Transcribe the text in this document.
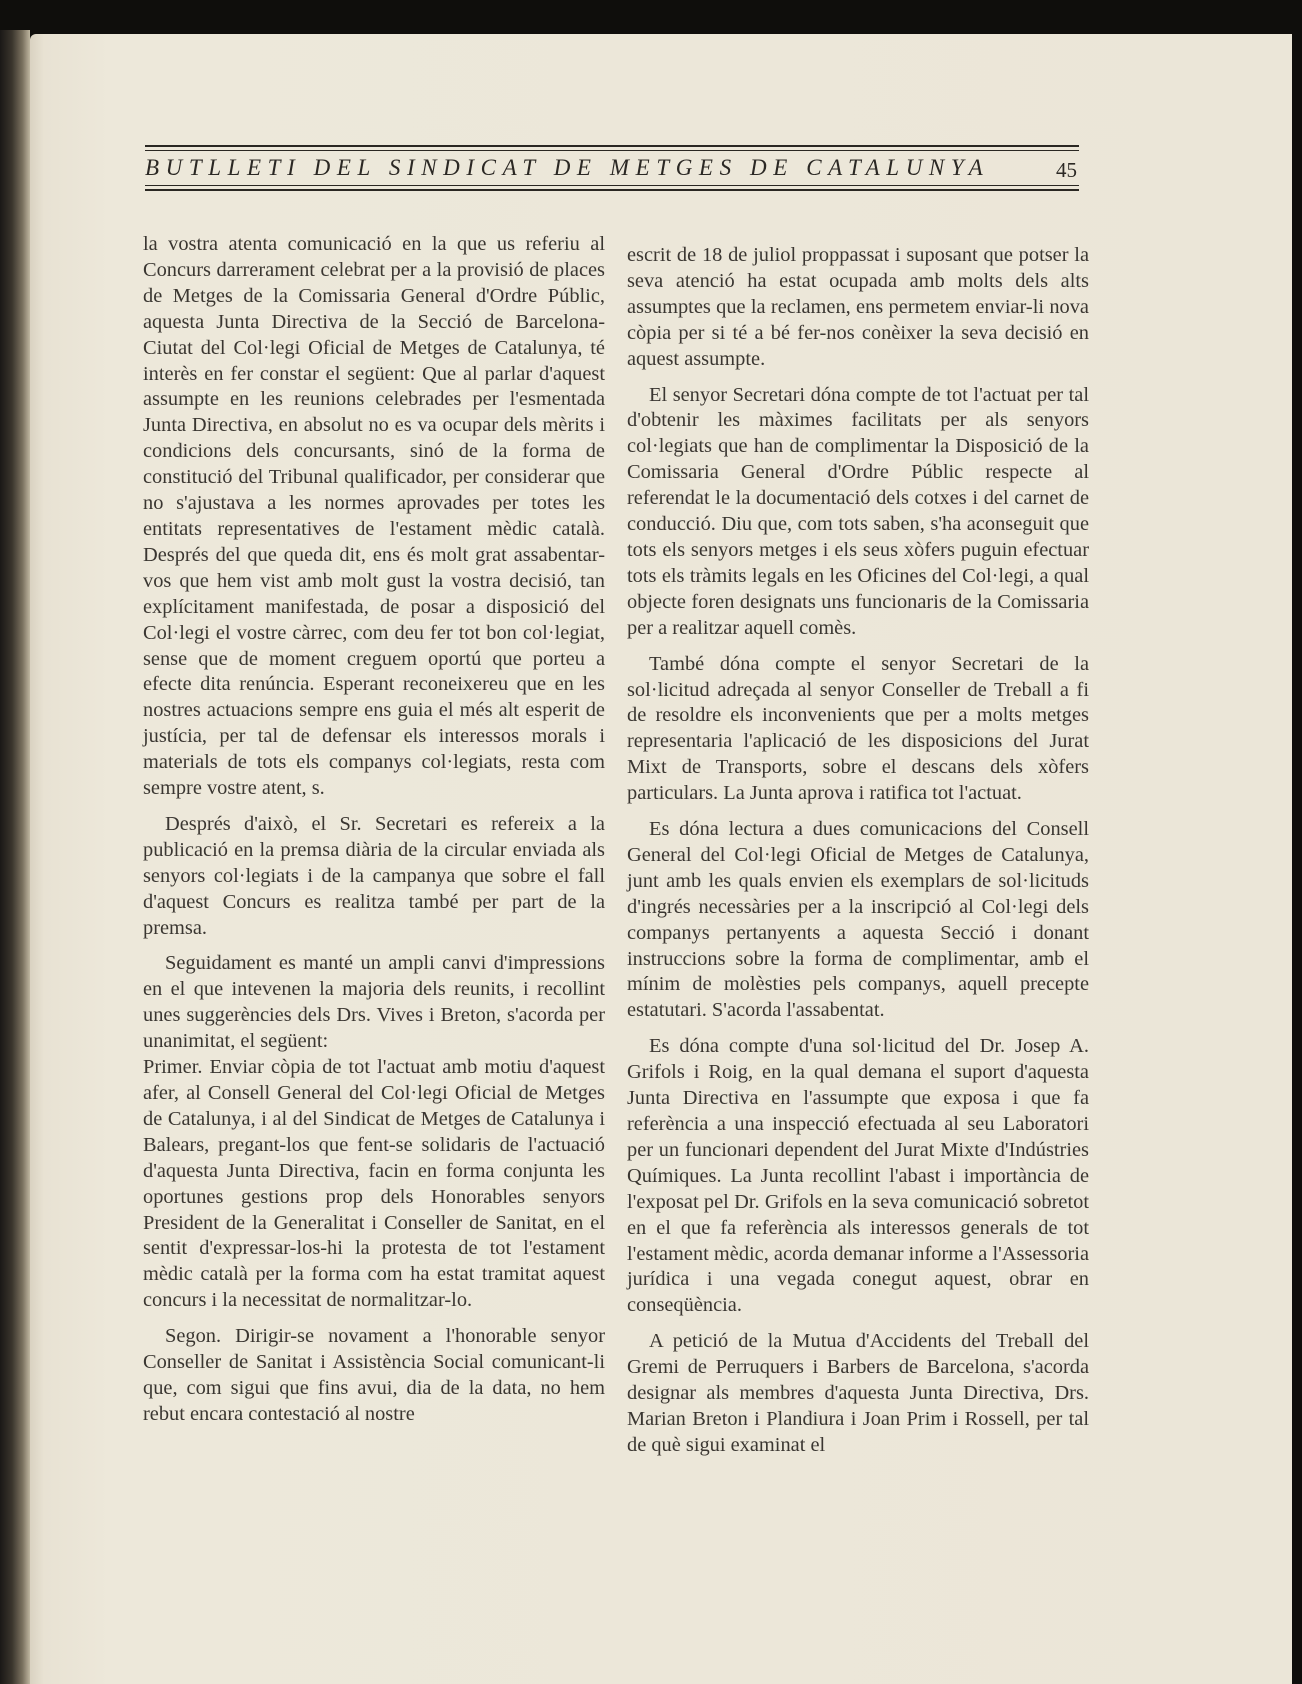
BUTLLETI DEL SINDICAT DE METGES DE CATALUNYA	45

la vostra atenta comunicació en la que us referiu al Concurs darrerament celebrat per a la provisió de places de Metges de la Comissaria General d'Ordre Públic, aquesta Junta Directiva de la Secció de Barcelona-Ciutat del Col·legi Oficial de Metges de Catalunya, té interès en fer constar el següent: Que al parlar d'aquest assumpte en les reunions celebrades per l'esmentada Junta Directiva, en absolut no es va ocupar dels mèrits i condicions dels concursants, sinó de la forma de constitució del Tribunal qualificador, per considerar que no s'ajustava a les normes aprovades per totes les entitats representatives de l'estament mèdic català. Després del que queda dit, ens és molt grat assabentar-vos que hem vist amb molt gust la vostra decisió, tan explícitament manifestada, de posar a disposició del Col·legi el vostre càrrec, com deu fer tot bon col·legiat, sense que de moment creguem oportú que porteu a efecte dita renúncia. Esperant reconeixereu que en les nostres actuacions sempre ens guia el més alt esperit de justícia, per tal de defensar els interessos morals i materials de tots els companys col·legiats, resta com sempre vostre atent, s.

Després d'això, el Sr. Secretari es refereix a la publicació en la premsa diària de la circular enviada als senyors col·legiats i de la campanya que sobre el fall d'aquest Concurs es realitza també per part de la premsa.

Seguidament es manté un ampli canvi d'impressions en el que intevenen la majoria dels reunits, i recollint unes suggerències dels Drs. Vives i Breton, s'acorda per unanimitat, el següent:

Primer. Enviar còpia de tot l'actuat amb motiu d'aquest afer, al Consell General del Col·legi Oficial de Metges de Catalunya, i al del Sindicat de Metges de Catalunya i Balears, pregant-los que fent-se solidaris de l'actuació d'aquesta Junta Directiva, facin en forma conjunta les oportunes gestions prop dels Honorables senyors President de la Generalitat i Conseller de Sanitat, en el sentit d'expressar-los-hi la protesta de tot l'estament mèdic català per la forma com ha estat tramitat aquest concurs i la necessitat de normalitzar-lo.

Segon. Dirigir-se novament a l'honorable senyor Conseller de Sanitat i Assistència Social comunicant-li que, com sigui que fins avui, dia de la data, no hem rebut encara contestació al nostre

escrit de 18 de juliol proppassat i suposant que potser la seva atenció ha estat ocupada amb molts dels alts assumptes que la reclamen, ens permetem enviar-li nova còpia per si té a bé fer-nos conèixer la seva decisió en aquest assumpte.

El senyor Secretari dóna compte de tot l'actuat per tal d'obtenir les màximes facilitats per als senyors col·legiats que han de complimentar la Disposició de la Comissaria General d'Ordre Públic respecte al referendat le la documentació dels cotxes i del carnet de conducció. Diu que, com tots saben, s'ha aconseguit que tots els senyors metges i els seus xòfers puguin efectuar tots els tràmits legals en les Oficines del Col·legi, a qual objecte foren designats uns funcionaris de la Comissaria per a realitzar aquell comès.

També dóna compte el senyor Secretari de la sol·licitud adreçada al senyor Conseller de Treball a fi de resoldre els inconvenients que per a molts metges representaria l'aplicació de les disposicions del Jurat Mixt de Transports, sobre el descans dels xòfers particulars. La Junta aprova i ratifica tot l'actuat.

Es dóna lectura a dues comunicacions del Consell General del Col·legi Oficial de Metges de Catalunya, junt amb les quals envien els exemplars de sol·licituds d'ingrés necessàries per a la inscripció al Col·legi dels companys pertanyents a aquesta Secció i donant instruccions sobre la forma de complimentar, amb el mínim de molèsties pels companys, aquell precepte estatutari. S'acorda l'assabentat.

Es dóna compte d'una sol·licitud del Dr. Josep A. Grifols i Roig, en la qual demana el suport d'aquesta Junta Directiva en l'assumpte que exposa i que fa referència a una inspecció efectuada al seu Laboratori per un funcionari dependent del Jurat Mixte d'Indústries Químiques. La Junta recollint l'abast i importància de l'exposat pel Dr. Grifols en la seva comunicació sobretot en el que fa referència als interessos generals de tot l'estament mèdic, acorda demanar informe a l'Assessoria jurídica i una vegada conegut aquest, obrar en conseqüència.

A petició de la Mutua d'Accidents del Treball del Gremi de Perruquers i Barbers de Barcelona, s'acorda designar als membres d'aquesta Junta Directiva, Drs. Marian Breton i Plandiura i Joan Prim i Rossell, per tal de què sigui examinat el
